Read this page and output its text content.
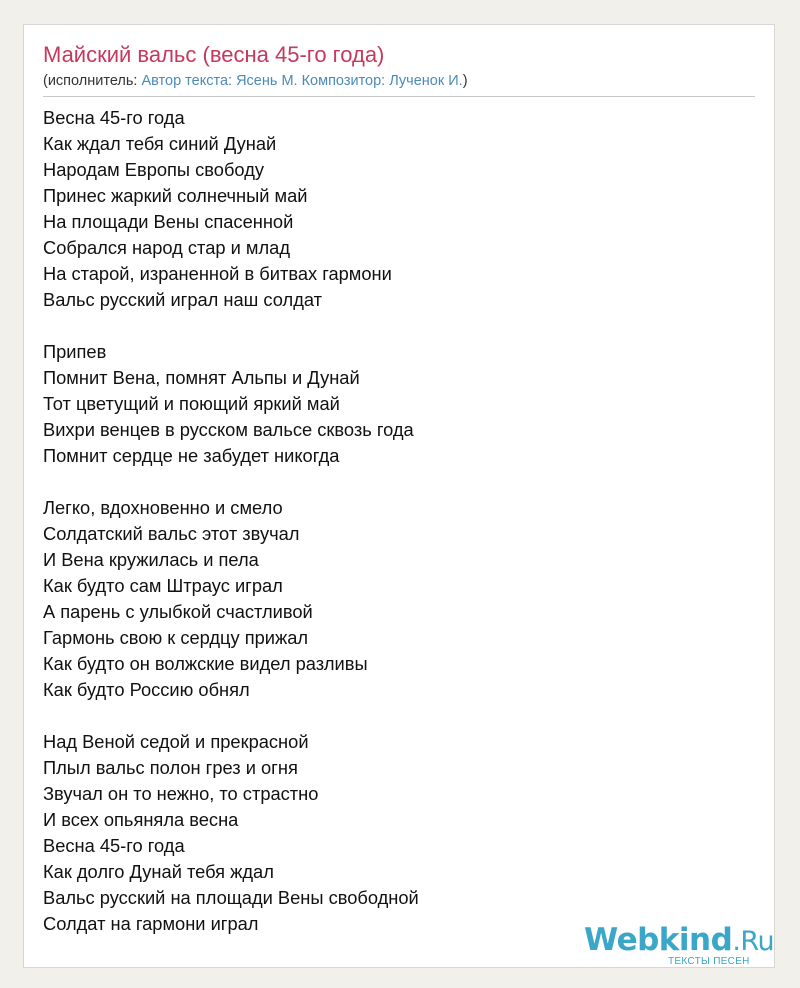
Майский вальс (весна 45-го года)
(исполнитель: Автор текста: Ясень М. Композитор: Лученок И.)
Весна 45-го года
Как ждал тебя синий Дунай
Народам Европы свободу
Принес жаркий солнечный май
На площади Вены спасенной
Собрался народ стар и млад
На старой, израненной в битвах гармони
Вальс русский играл наш солдат
Припев
Помнит Вена, помнят Альпы и Дунай
Тот цветущий и поющий яркий май
Вихри венцев в русском вальсе сквозь года
Помнит сердце не забудет никогда
Легко, вдохновенно и смело
Солдатский вальс этот звучал
И Вена кружилась и пела
Как будто сам Штраус играл
А парень с улыбкой счастливой
Гармонь свою к сердцу прижал
Как будто он волжские видел разливы
Как будто Россию обнял
Над Веной седой и прекрасной
Плыл вальс полон грез и огня
Звучал он то нежно, то страстно
И всех опьяняла весна
Весна 45-го года
Как долго Дунай тебя ждал
Вальс русский на площади Вены свободной
Солдат на гармони играл	Webkind.Ru
ТЕКСТЫ ПЕСЕН
